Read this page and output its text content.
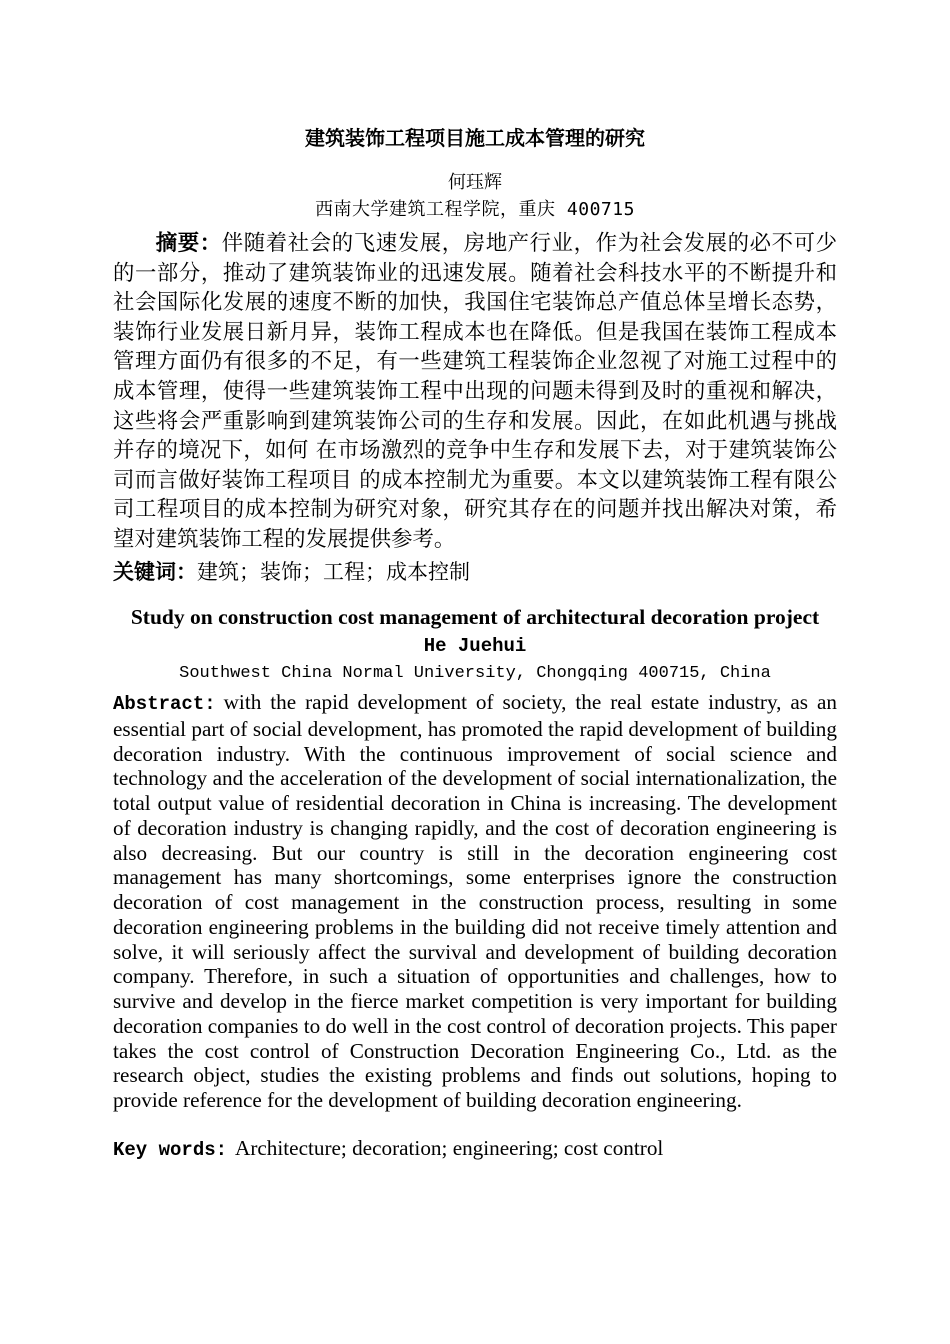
建筑装饰工程项目施工成本管理的研究
何珏辉
西南大学建筑工程学院，重庆 400715
摘要：伴随着社会的飞速发展，房地产行业，作为社会发展的必不可少的一部分，推动了建筑装饰业的迅速发展。随着社会科技水平的不断提升和社会国际化发展的速度不断的加快，我国住宅装饰总产值总体呈增长态势，装饰行业发展日新月异，装饰工程成本也在降低。但是我国在装饰工程成本管理方面仍有很多的不足，有一些建筑工程装饰企业忽视了对施工过程中的成本管理，使得一些建筑装饰工程中出现的问题未得到及时的重视和解决，这些将会严重影响到建筑装饰公司的生存和发展。因此，在如此机遇与挑战并存的境况下，如何 在市场激烈的竞争中生存和发展下去，对于建筑装饰公司而言做好装饰工程项目 的成本控制尤为重要。本文以建筑装饰工程有限公司工程项目的成本控制为研究对象，研究其存在的问题并找出解决对策，希望对建筑装饰工程的发展提供参考。
关键词：建筑；装饰；工程；成本控制
Study on construction cost management of architectural decoration project
He Juehui
Southwest China Normal University, Chongqing 400715, China
Abstract: with the rapid development of society, the real estate industry, as an essential part of social development, has promoted the rapid development of building decoration industry. With the continuous improvement of social science and technology and the acceleration of the development of social internationalization, the total output value of residential decoration in China is increasing. The development of decoration industry is changing rapidly, and the cost of decoration engineering is also decreasing. But our country is still in the decoration engineering cost management has many shortcomings, some enterprises ignore the construction decoration of cost management in the construction process, resulting in some decoration engineering problems in the building did not receive timely attention and solve, it will seriously affect the survival and development of building decoration company. Therefore, in such a situation of opportunities and challenges, how to survive and develop in the fierce market competition is very important for building decoration companies to do well in the cost control of decoration projects. This paper takes the cost control of Construction Decoration Engineering Co., Ltd. as the research object, studies the existing problems and finds out solutions, hoping to provide reference for the development of building decoration engineering.
Key words: Architecture; decoration; engineering; cost control
